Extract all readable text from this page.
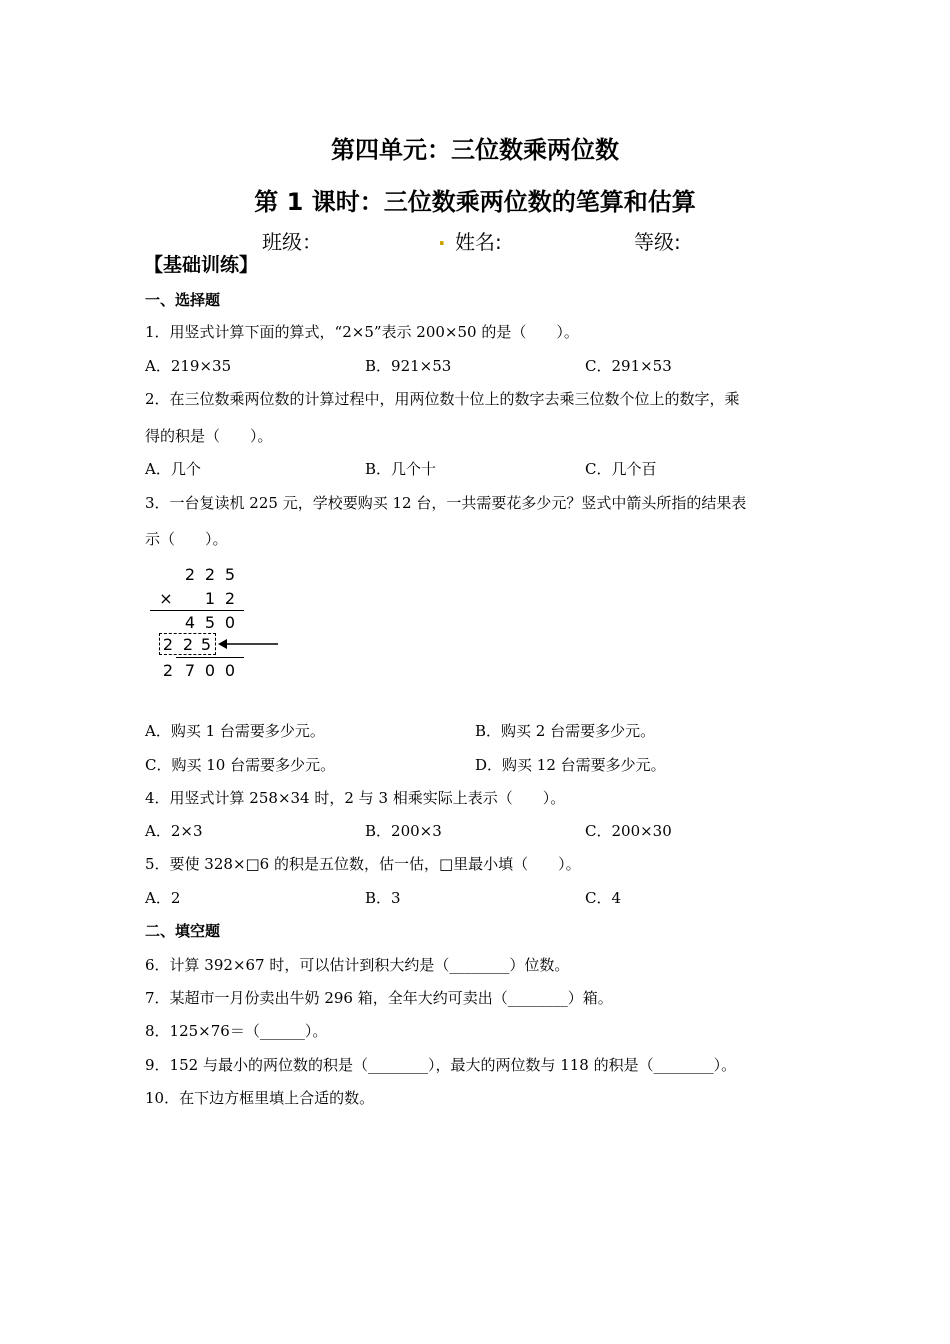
第四单元：三位数乘两位数
第 1 课时：三位数乘两位数的笔算和估算
班级：	. 姓名:	等级:
【基础训练】
一、选择题
1．用竖式计算下面的算式，“2×5”表示 200×50 的是（　　）。
A．219×35	B．921×53	C．291×53
2．在三位数乘两位数的计算过程中，用两位数十位上的数字去乘三位数个位上的数字，乘
得的积是（　　）。
A．几个	B．几个十	C．几个百
3．一台复读机 225 元，学校要购买 12 台，一共需要花多少元？竖式中箭头所指的结果表
示（　　）。
2 2 5
×	1 2
4 5 0
2 2 5
2 7 0 0
A．购买 1 台需要多少元。	B．购买 2 台需要多少元。
C．购买 10 台需要多少元。	D．购买 12 台需要多少元。
4．用竖式计算 258×34 时，2 与 3 相乘实际上表示（　　）。
A．2×3	B．200×3	C．200×30
5．要使 328×□6 的积是五位数，估一估，□里最小填（　　）。
A．2	B．3	C．4
二、填空题
6．计算 392×67 时，可以估计到积大约是（________）位数。
7．某超市一月份卖出牛奶 296 箱，全年大约可卖出（________）箱。
8．125×76＝（______）。
9．152 与最小的两位数的积是（________），最大的两位数与 118 的积是（________）。
10．在下边方框里填上合适的数。
